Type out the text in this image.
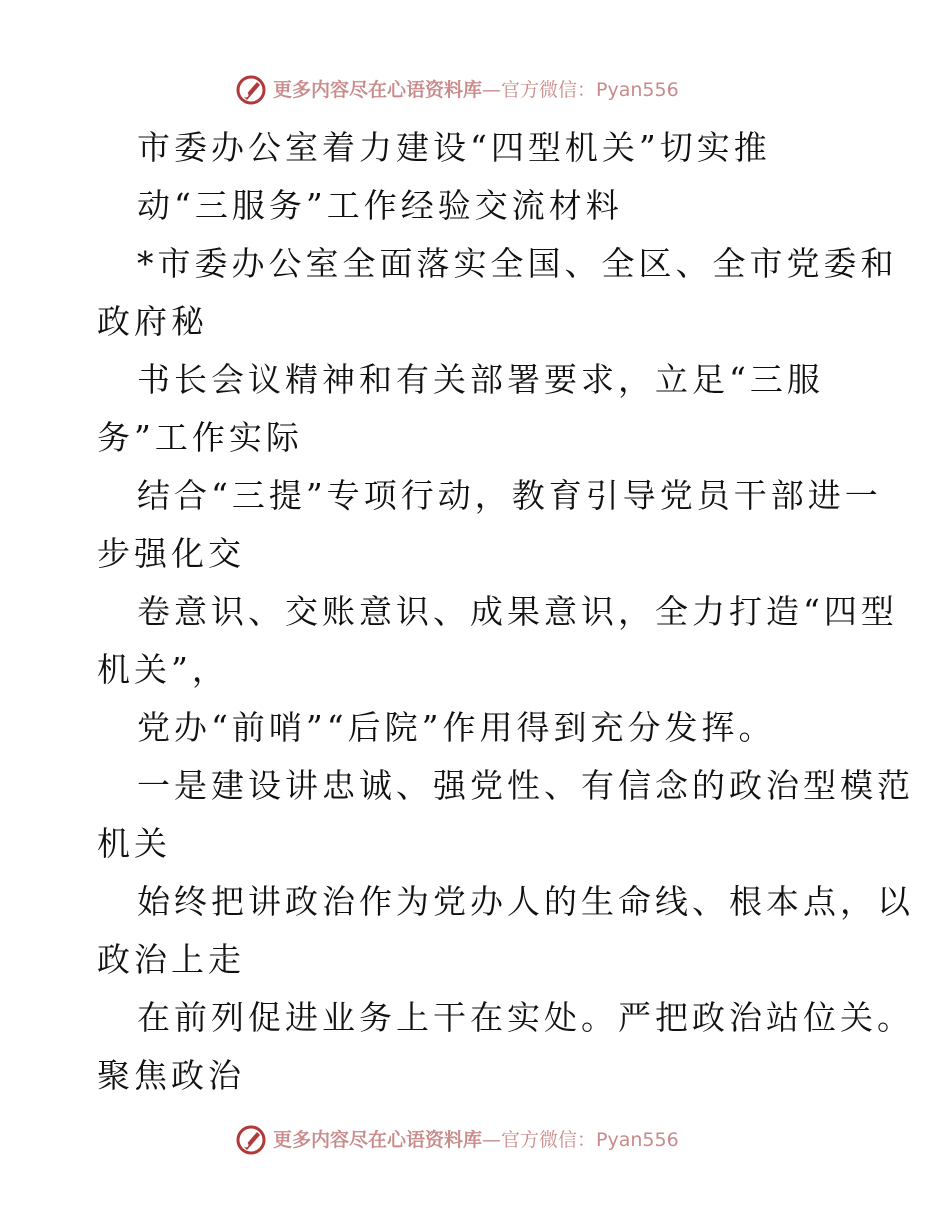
更多内容尽在心语资料库—官方微信：Pyan556
市委办公室着力建设“四型机关”切实推
动“三服务”工作经验交流材料
*市委办公室全面落实全国、全区、全市党委和
政府秘
书长会议精神和有关部署要求，立足“三服
务”工作实际
结合“三提”专项行动，教育引导党员干部进一
步强化交
卷意识、交账意识、成果意识，全力打造“四型
机关”，
党办“前哨”“后院”作用得到充分发挥。
一是建设讲忠诚、强党性、有信念的政治型模范
机关
始终把讲政治作为党办人的生命线、根本点，以
政治上走
在前列促进业务上干在实处。严把政治站位关。
聚焦政治
更多内容尽在心语资料库—官方微信：Pyan556
